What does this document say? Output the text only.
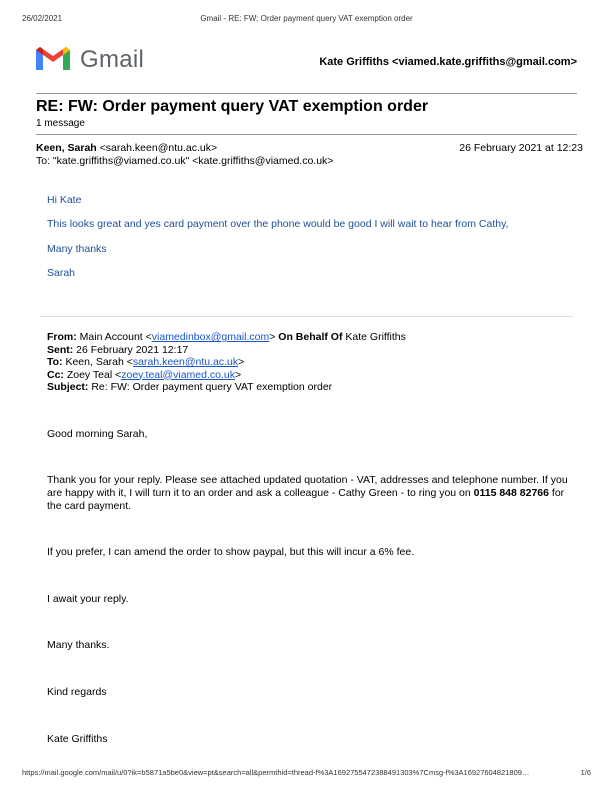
26/02/2021	Gmail - RE: FW: Order payment query VAT exemption order
Gmail	Kate Griffiths <viamed.kate.griffiths@gmail.com>
RE: FW: Order payment query VAT exemption order
1 message
Keen, Sarah <sarah.keen@ntu.ac.uk>	26 February 2021 at 12:23
To: "kate.griffiths@viamed.co.uk" <kate.griffiths@viamed.co.uk>
Hi Kate
This looks great and yes card payment over the phone would be good I will wait to hear from Cathy,
Many thanks
Sarah
From: Main Account <viamedinbox@gmail.com> On Behalf Of Kate Griffiths
Sent: 26 February 2021 12:17
To: Keen, Sarah <sarah.keen@ntu.ac.uk>
Cc: Zoey Teal <zoey.teal@viamed.co.uk>
Subject: Re: FW: Order payment query VAT exemption order
Good morning Sarah,
Thank you for your reply. Please see attached updated quotation - VAT, addresses and telephone number. If you are happy with it, I will turn it to an order and ask a colleague - Cathy Green - to ring you on 0115 848 82766 for the card payment.
If you prefer, I can amend the order to show paypal, but this will incur a 6% fee.
I await your reply.
Many thanks.
Kind regards
Kate Griffiths
https://mail.google.com/mail/u/0?ik=b5871a5be0&view=pt&search=all&permthid=thread-f%3A1692755472388491303%7Cmsg-f%3A16927604821809…	1/6
